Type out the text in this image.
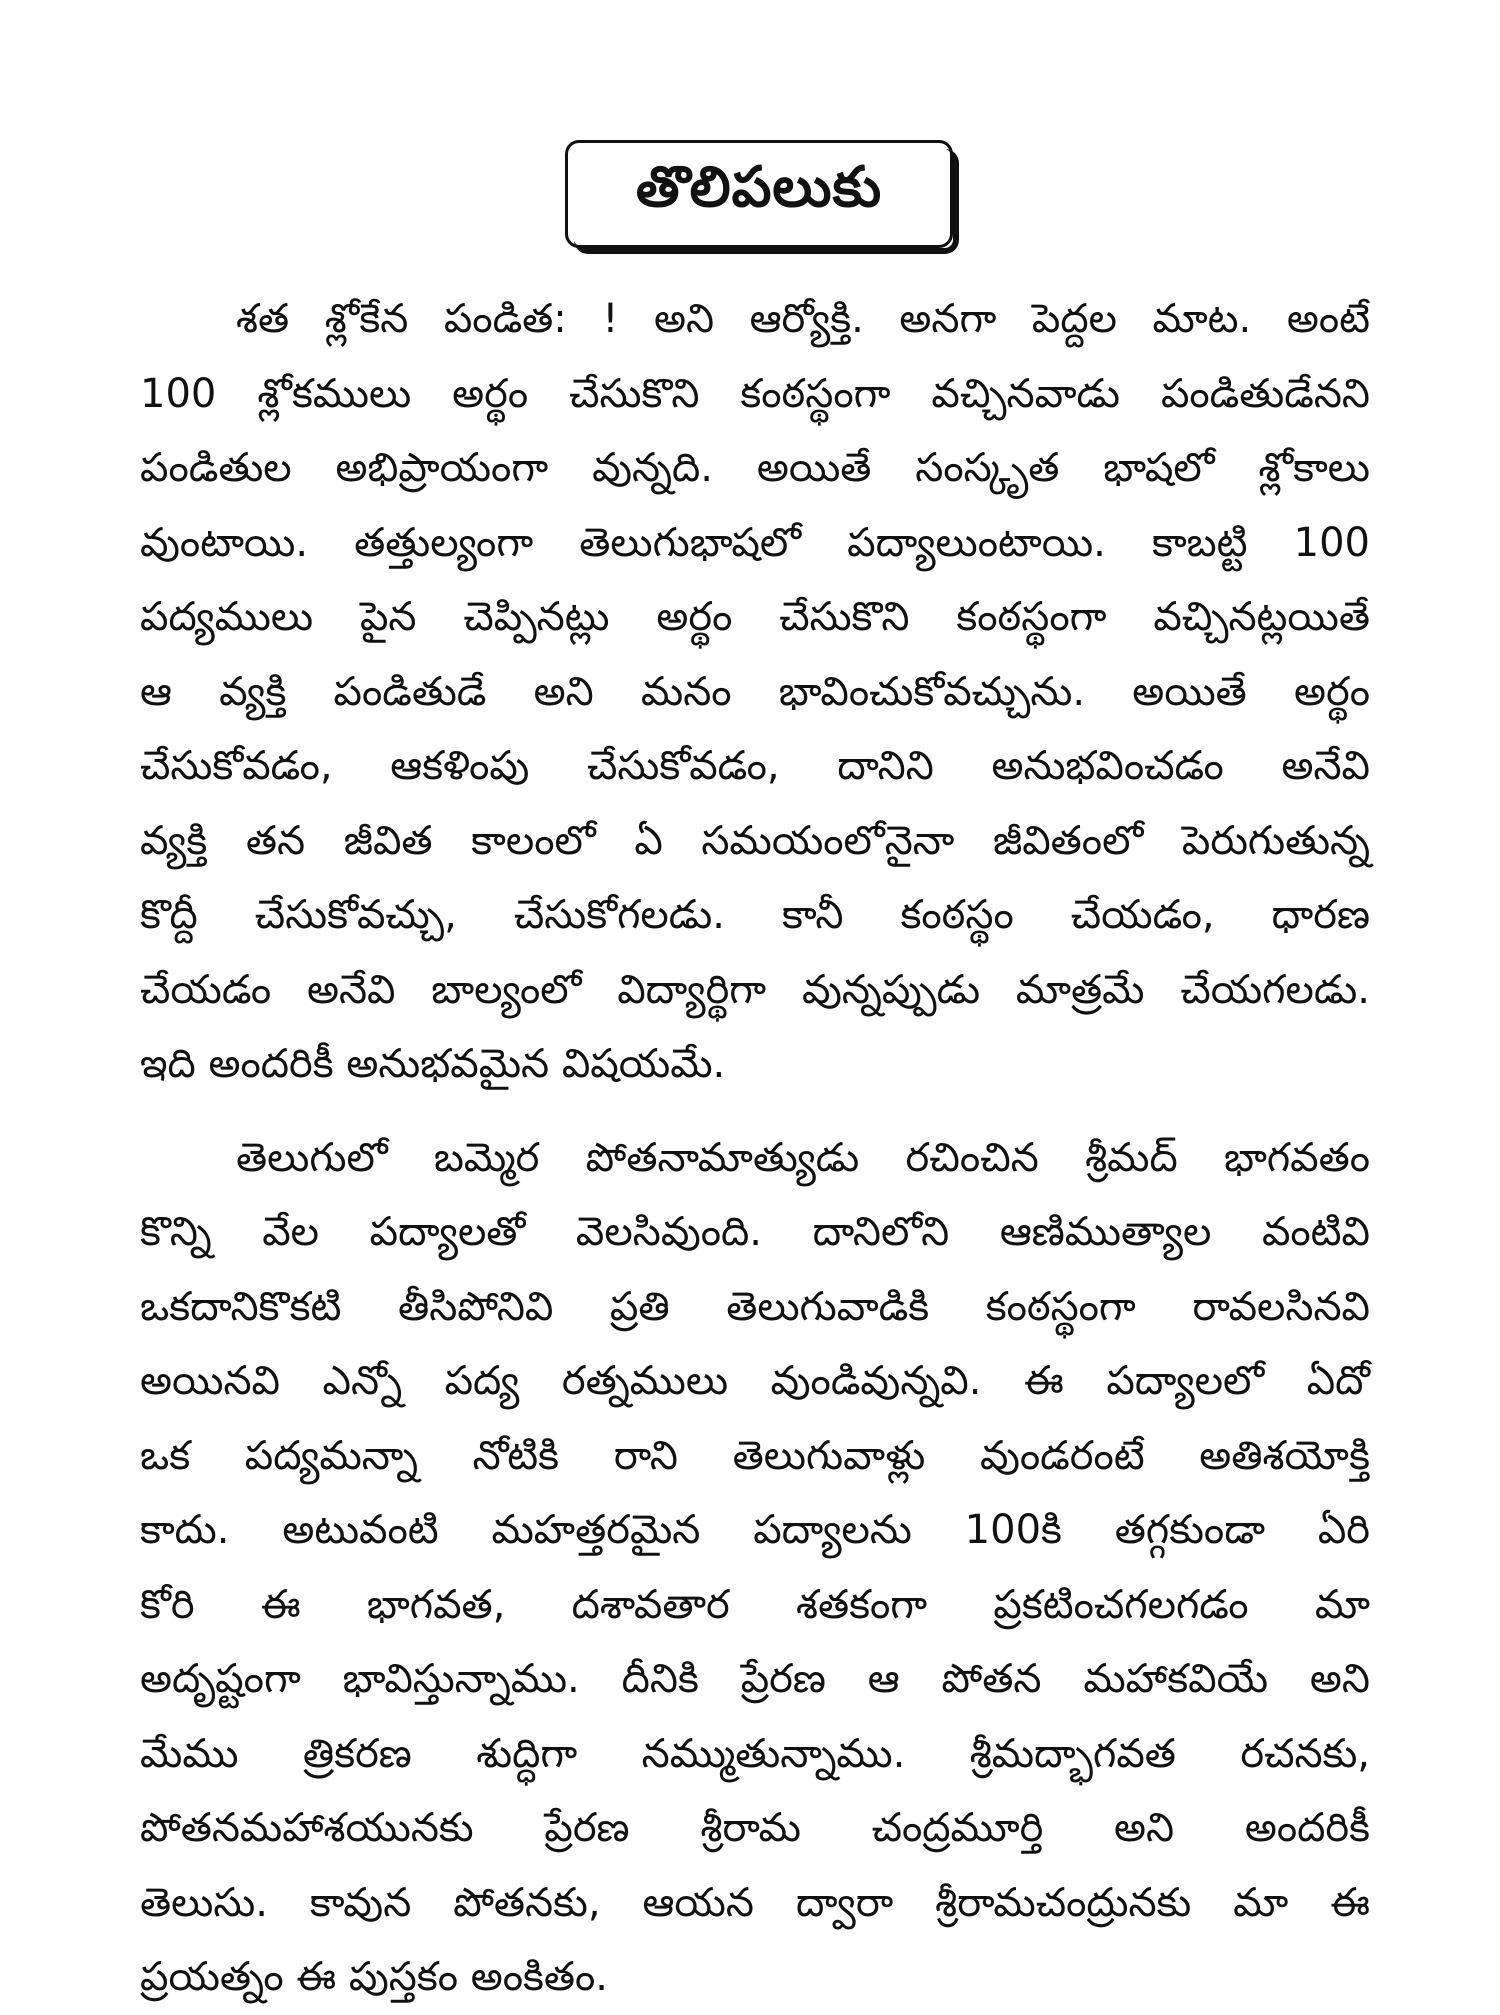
తొలిపలుకు
శత శ్లోకేన పండిత: ! అని ఆర్యోక్తి. అనగా పెద్దల మాట. అంటే
100 శ్లోకములు అర్థం చేసుకొని కంఠస్థంగా వచ్చినవాడు పండితుడేనని
పండితుల అభిప్రాయంగా వున్నది. అయితే సంస్కృత భాషలో శ్లోకాలు
వుంటాయి. తత్తుల్యంగా తెలుగుభాషలో పద్యాలుంటాయి. కాబట్టి 100
పద్యములు పైన చెప్పినట్లు అర్థం చేసుకొని కంఠస్థంగా వచ్చినట్లయితే
ఆ వ్యక్తి పండితుడే అని మనం భావించుకోవచ్చును. అయితే అర్థం
చేసుకోవడం, ఆకళింపు చేసుకోవడం, దానిని అనుభవించడం అనేవి
వ్యక్తి తన జీవిత కాలంలో ఏ సమయంలోనైనా జీవితంలో పెరుగుతున్న
కొద్దీ చేసుకోవచ్చు, చేసుకోగలడు. కానీ కంఠస్థం చేయడం, ధారణ
చేయడం అనేవి బాల్యంలో విద్యార్థిగా వున్నప్పుడు మాత్రమే చేయగలడు.
ఇది అందరికీ అనుభవమైన విషయమే.
తెలుగులో బమ్మెర పోతనామాత్యుడు రచించిన శ్రీమద్ భాగవతం
కొన్ని వేల పద్యాలతో వెలసివుంది. దానిలోని ఆణిముత్యాల వంటివి
ఒకదానికొకటి తీసిపోనివి ప్రతి తెలుగువాడికి కంఠస్థంగా రావలసినవి
అయినవి ఎన్నో పద్య రత్నములు వుండివున్నవి. ఈ పద్యాలలో ఏదో
ఒక పద్యమన్నా నోటికి రాని తెలుగువాళ్లు వుండరంటే అతిశయోక్తి
కాదు. అటువంటి మహత్తరమైన పద్యాలను 100కి తగ్గకుండా ఏరి
కోరి ఈ భాగవత, దశావతార శతకంగా ప్రకటించగలగడం మా
అదృష్టంగా భావిస్తున్నాము. దీనికి ప్రేరణ ఆ పోతన మహాకవియే అని
మేము త్రికరణ శుద్ధిగా నమ్ముతున్నాము. శ్రీమద్భాగవత రచనకు,
పోతనమహాశయునకు ప్రేరణ శ్రీరామ చంద్రమూర్తి అని అందరికీ
తెలుసు. కావున పోతనకు, ఆయన ద్వారా శ్రీరామచంద్రునకు మా ఈ
ప్రయత్నం ఈ పుస్తకం అంకితం.
